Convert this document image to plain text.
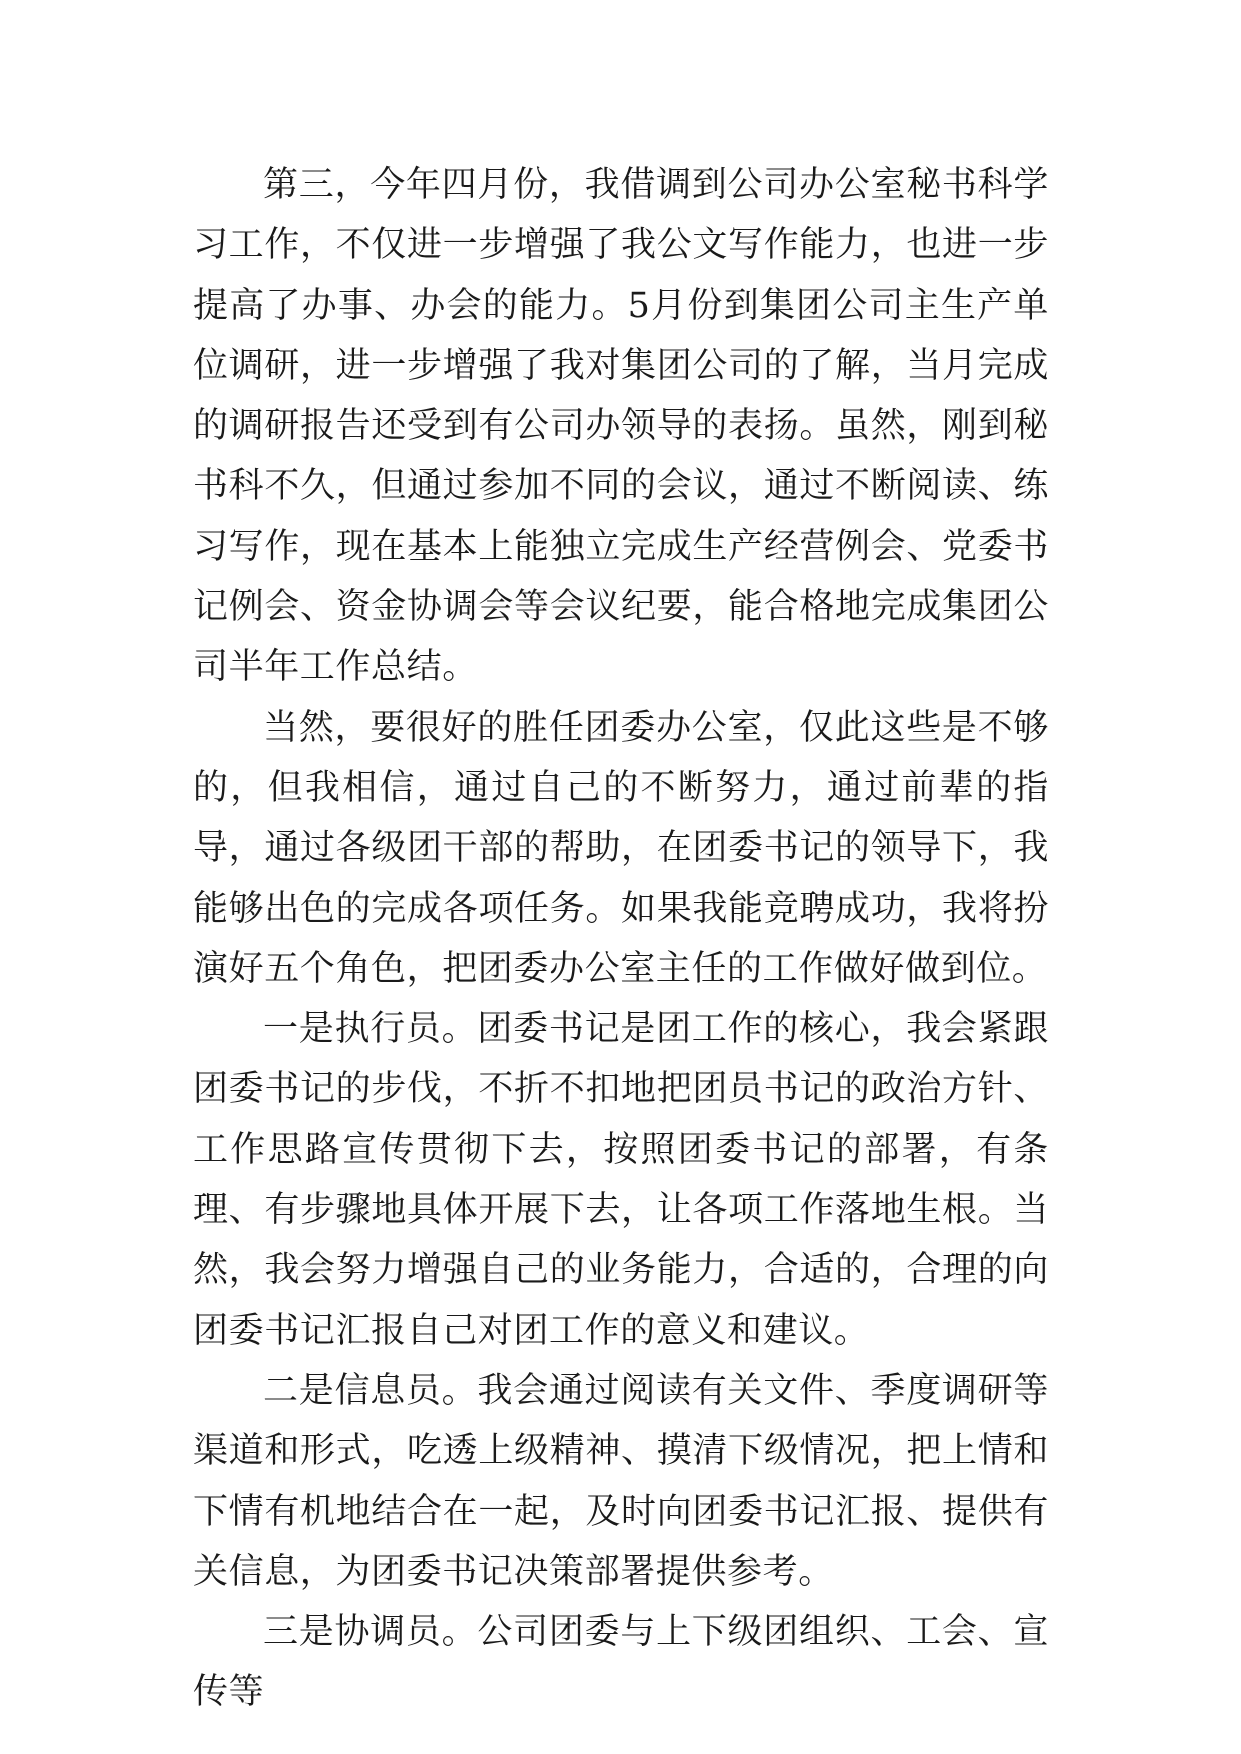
第三，今年四月份，我借调到公司办公室秘书科学习工作，不仅进一步增强了我公文写作能力，也进一步提高了办事、办会的能力。5月份到集团公司主生产单位调研，进一步增强了我对集团公司的了解，当月完成的调研报告还受到有公司办领导的表扬。虽然，刚到秘书科不久，但通过参加不同的会议，通过不断阅读、练习写作，现在基本上能独立完成生产经营例会、党委书记例会、资金协调会等会议纪要，能合格地完成集团公司半年工作总结。

当然，要很好的胜任团委办公室，仅此这些是不够的，但我相信，通过自己的不断努力，通过前辈的指导，通过各级团干部的帮助，在团委书记的领导下，我能够出色的完成各项任务。如果我能竞聘成功，我将扮演好五个角色，把团委办公室主任的工作做好做到位。

一是执行员。团委书记是团工作的核心，我会紧跟团委书记的步伐，不折不扣地把团员书记的政治方针、工作思路宣传贯彻下去，按照团委书记的部署，有条理、有步骤地具体开展下去，让各项工作落地生根。当然，我会努力增强自己的业务能力，合适的，合理的向团委书记汇报自己对团工作的意义和建议。

二是信息员。我会通过阅读有关文件、季度调研等渠道和形式，吃透上级精神、摸清下级情况，把上情和下情有机地结合在一起，及时向团委书记汇报、提供有关信息，为团委书记决策部署提供参考。

三是协调员。公司团委与上下级团组织、工会、宣传等
